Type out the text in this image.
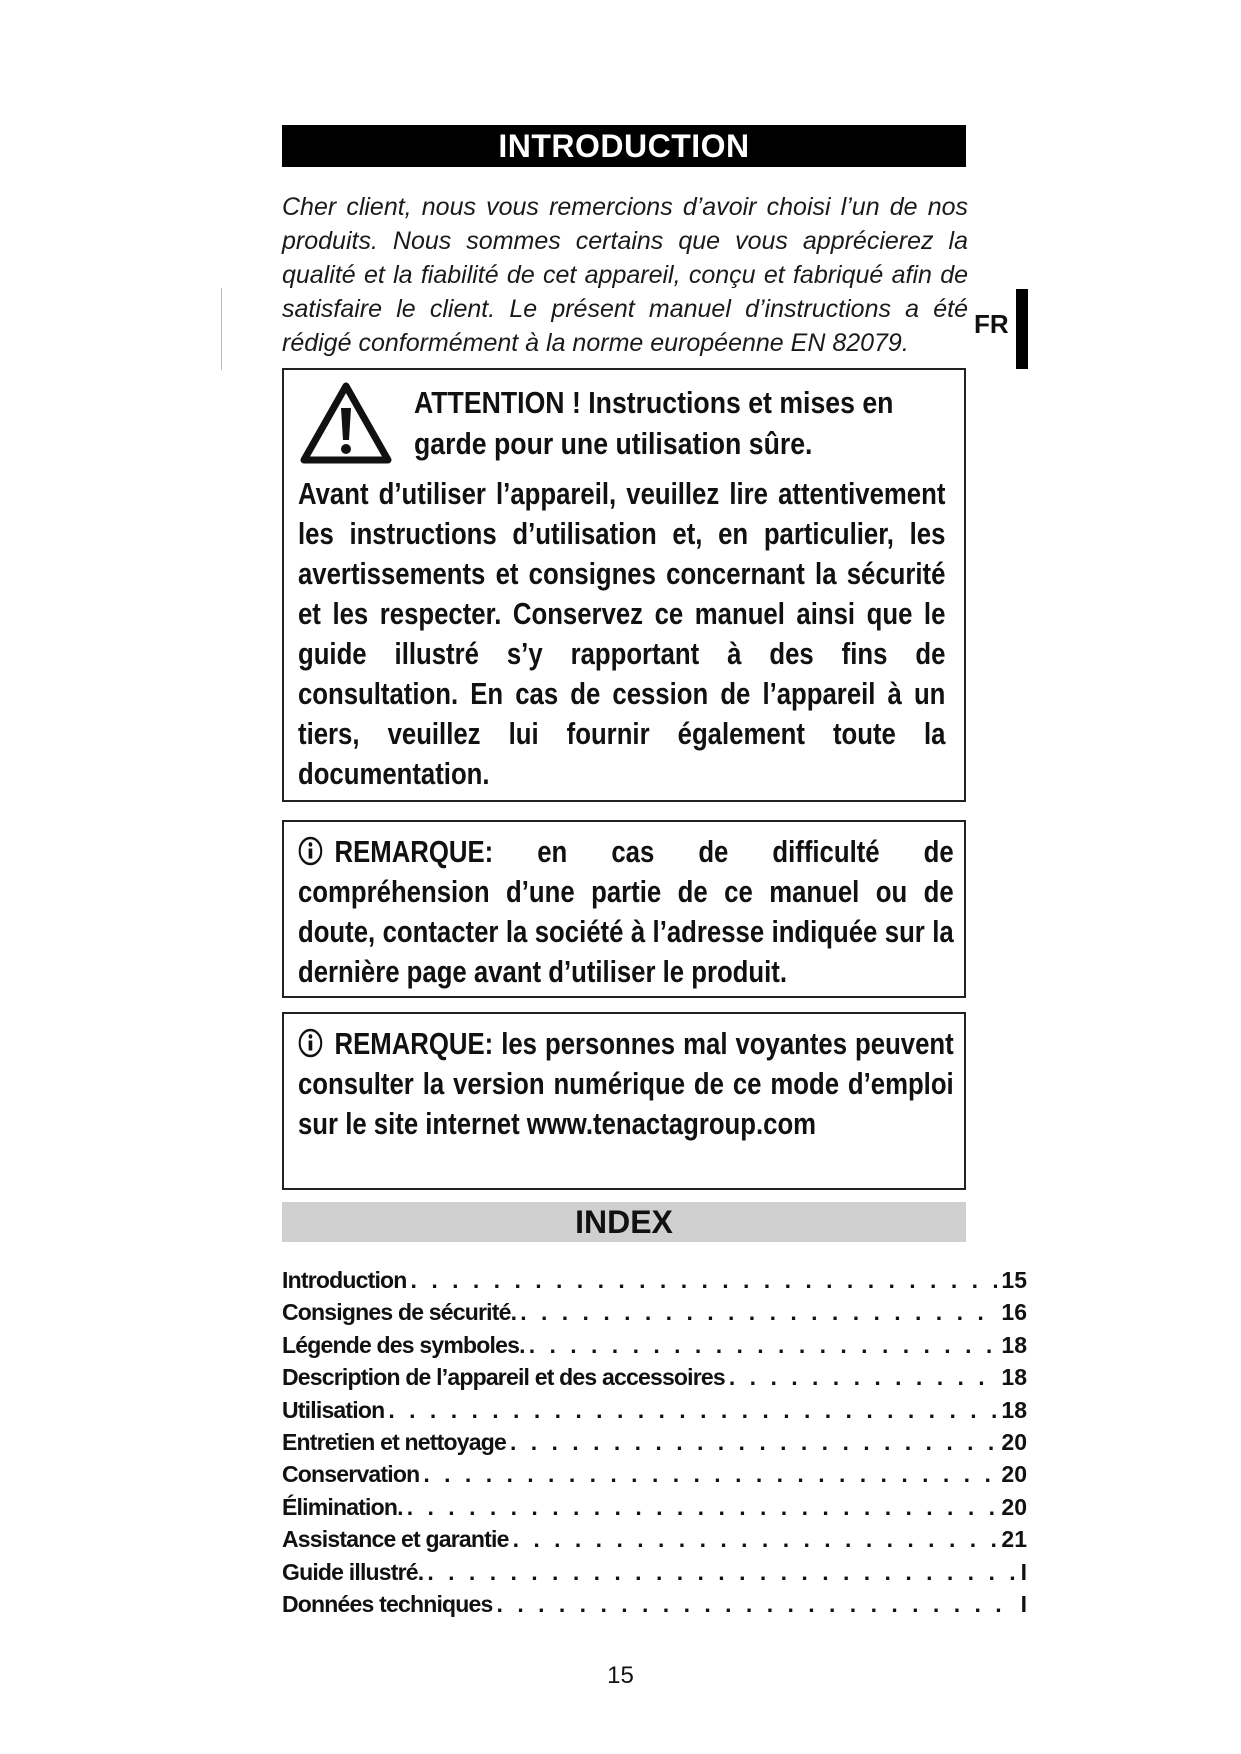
INTRODUCTION

Cher client, nous vous remercions d’avoir choisi l’un de nos produits. Nous sommes certains que vous apprécierez la qualité et la fiabilité de cet appareil, conçu et fabriqué afin de satisfaire le client. Le présent manuel d’instructions a été rédigé conformément à la norme européenne EN 82079.

FR
ATTENTION ! Instructions et mises en garde pour une utilisation sûre.
Avant d’utiliser l’appareil, veuillez lire attentivement les instructions d’utilisation et, en particulier, les avertissements et consignes concernant la sécurité et les respecter. Conservez ce manuel ainsi que le guide illustré s’y rapportant à des fins de consultation. En cas de cession de l’appareil à un tiers, veuillez lui fournir également toute la documentation.
REMARQUE: en cas de difficulté de compréhension d’une partie de ce manuel ou de doute, contacter la société à l’adresse indiquée sur la dernière page avant d’utiliser le produit.
REMARQUE: les personnes mal voyantes peuvent consulter la version numérique de ce mode d’emploi sur le site internet www.tenactagroup.com
INDEX
Introduction . . .	15
Consignes de sécurité. . . .	16
Légende des symboles. . . .	18
Description de l’appareil et des accessoires . . .	18
Utilisation . . .	18
Entretien et nettoyage . . .	20
Conservation . . .	20
Élimination. . . .	20
Assistance et garantie . . .	21
Guide illustré. . . .	I
Données techniques . . .	I
15
